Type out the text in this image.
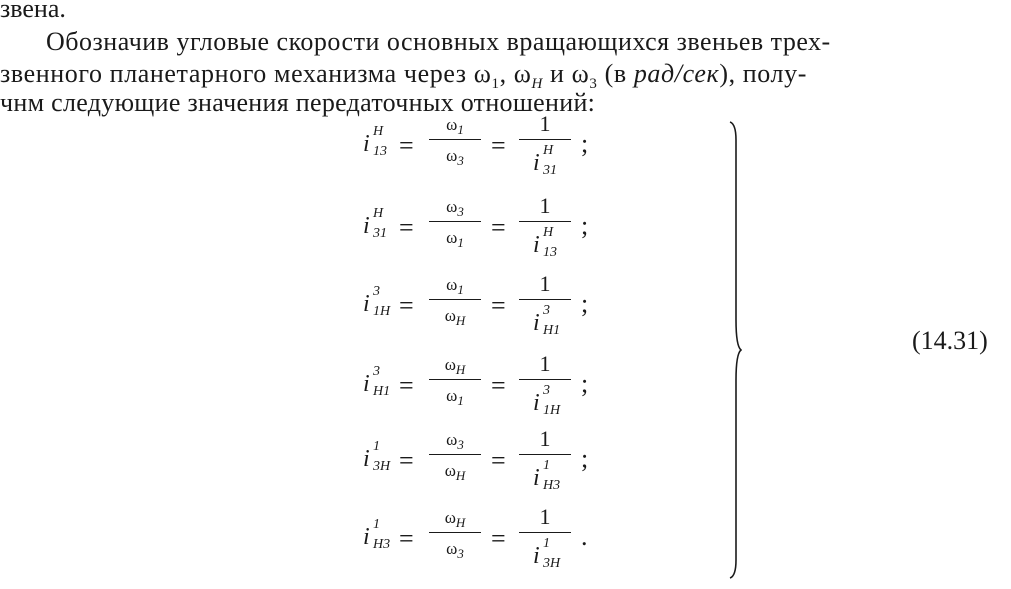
звена.
Обозначив угловые скорости основных вращающихся звеньев трех-
звенного планетарного механизма через $\omega_1$, $\omega_H$ и $\omega_3$ (в рад/сек), полу-
чнм следующие значения передаточных отношений:
i H
13 =
$\omega_1$
$\omega_3$
=
1
i H
31
;
i H
31 =
$\omega_3$
$\omega_1$
=
1
i H
13
;
i 3
1H =
$\omega_1$
$\omega_H$
=
1
i 3
H1
;
i 3
H1 =
$\omega_H$
$\omega_1$
=
1
i 3
1H
;
i 1
3H =
$\omega_3$
$\omega_H$
=
1
i 1
H3
;
i 1
H3 =
$\omega_H$
$\omega_3$
=
1
i 1
3H
.
(14.31)
